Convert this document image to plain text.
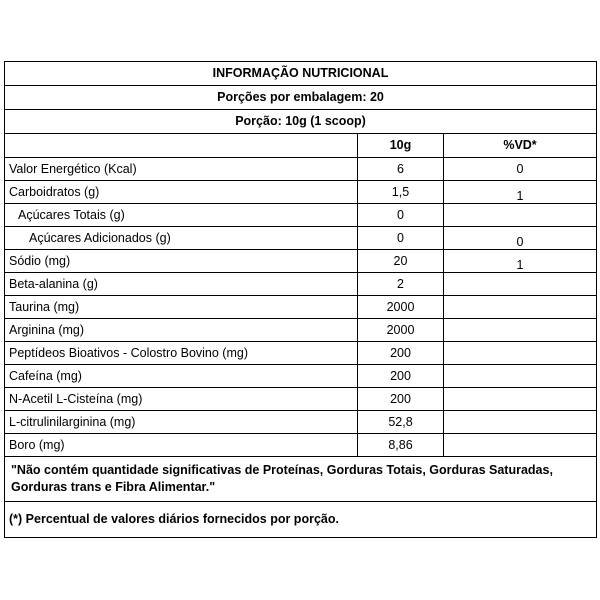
INFORMAÇÃO NUTRICIONAL		
Porções por embalagem: 20		
Porção: 10g (1 scoop)		
	10g	%VD*
Valor Energético (Kcal)	6	0
Carboidratos (g)	1,5	1
Açúcares Totais (g)	0	
Açúcares Adicionados (g)	0	0
Sódio (mg)	20	1
Beta-alanina (g)	2	
Taurina (mg)	2000	
Arginina (mg)	2000	
Peptídeos Bioativos - Colostro Bovino (mg)	200	
Cafeína (mg)	200	
N-Acetil L-Cisteína (mg)	200	
L-citrulinilarginina (mg)	52,8	
Boro (mg)	8,86	
"Não contém quantidade significativas de Proteínas, Gorduras Totais, Gorduras Saturadas, Gorduras trans e Fibra Alimentar."		
(*) Percentual de valores diários fornecidos por porção.		
